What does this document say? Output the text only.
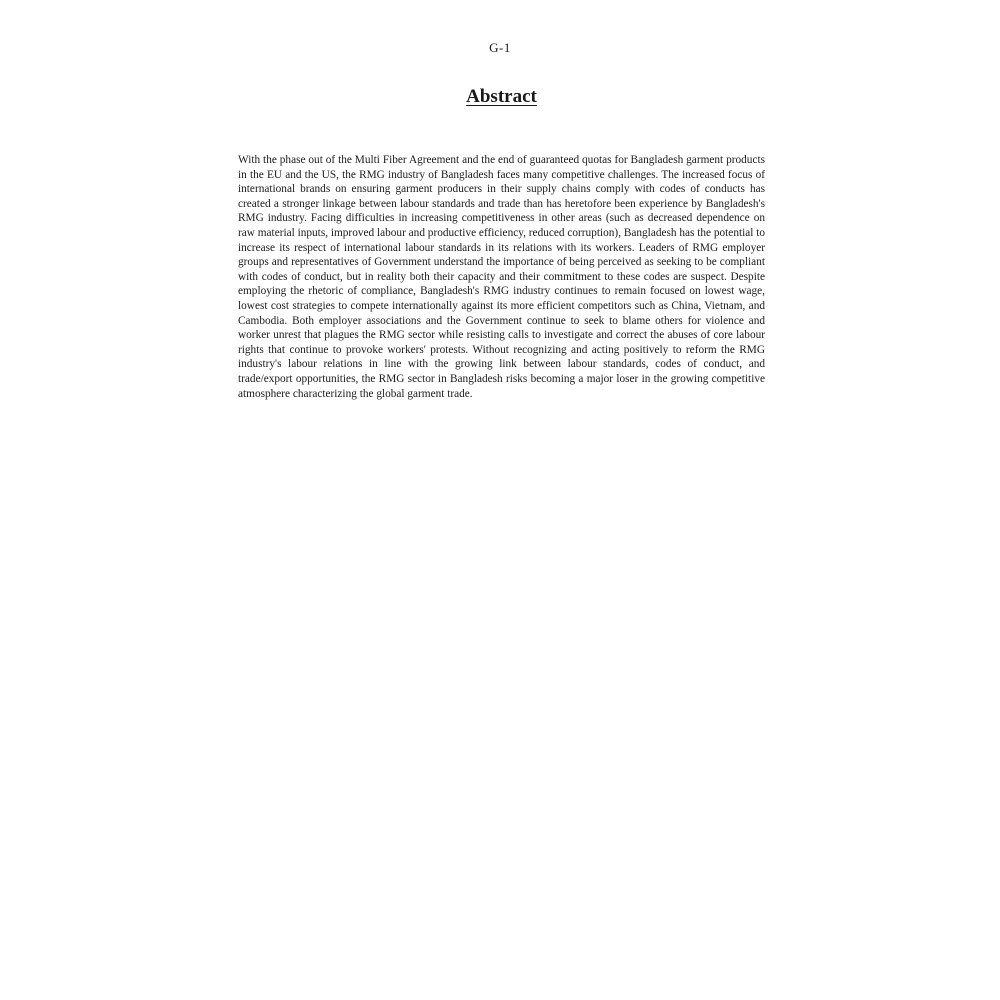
G-1
Abstract

With the phase out of the Multi Fiber Agreement and the end of guaranteed quotas for Bangladesh garment products in the EU and the US, the RMG industry of Bangladesh faces many competitive challenges. The increased focus of international brands on ensuring garment producers in their supply chains comply with codes of conducts has created a stronger linkage between labour standards and trade than has heretofore been experience by Bangladesh's RMG industry. Facing difficulties in increasing competitiveness in other areas (such as decreased dependence on raw material inputs, improved labour and productive efficiency, reduced corruption), Bangladesh has the potential to increase its respect of international labour standards in its relations with its workers. Leaders of RMG employer groups and representatives of Government understand the importance of being perceived as seeking to be compliant with codes of conduct, but in reality both their capacity and their commitment to these codes are suspect. Despite employing the rhetoric of compliance, Bangladesh's RMG industry continues to remain focused on lowest wage, lowest cost strategies to compete internationally against its more efficient competitors such as China, Vietnam, and Cambodia. Both employer associations and the Government continue to seek to blame others for violence and worker unrest that plagues the RMG sector while resisting calls to investigate and correct the abuses of core labour rights that continue to provoke workers' protests. Without recognizing and acting positively to reform the RMG industry's labour relations in line with the growing link between labour standards, codes of conduct, and trade/export opportunities, the RMG sector in Bangladesh risks becoming a major loser in the growing competitive atmosphere characterizing the global garment trade.
